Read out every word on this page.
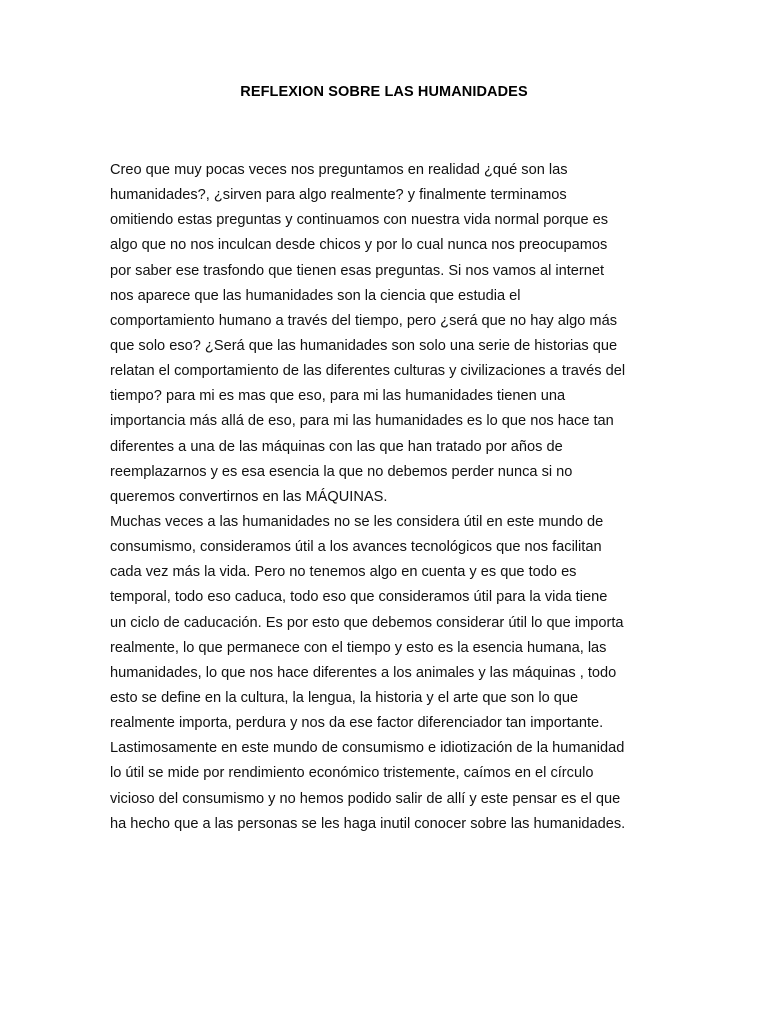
REFLEXION SOBRE LAS HUMANIDADES
Creo que muy pocas veces nos preguntamos en realidad ¿qué son las
humanidades?, ¿sirven para algo realmente? y finalmente terminamos
omitiendo estas preguntas y continuamos con nuestra vida normal porque es
algo que no nos inculcan desde chicos y por lo cual nunca nos preocupamos
por saber ese trasfondo que tienen esas preguntas. Si nos vamos al internet
nos aparece que las humanidades son la ciencia que estudia el
comportamiento humano a través del tiempo, pero ¿será que no hay algo más
que solo eso? ¿Será que las humanidades son solo una serie de historias que
relatan el comportamiento de las diferentes culturas y civilizaciones a través del
tiempo? para mi es mas que eso, para mi las humanidades tienen una
importancia más allá de eso, para mi las humanidades es lo que nos hace tan
diferentes a una de las máquinas con las que han tratado por años de
reemplazarnos y es esa esencia la que no debemos perder nunca si no
queremos convertirnos en las MÁQUINAS.
Muchas veces a las humanidades no se les considera útil en este mundo de
consumismo, consideramos útil a los avances tecnológicos que nos facilitan
cada vez más la vida. Pero no tenemos algo en cuenta y es que todo es
temporal, todo eso caduca, todo eso que consideramos útil para la vida tiene
un ciclo de caducación. Es por esto que debemos considerar útil lo que importa
realmente, lo que permanece con el tiempo y esto es la esencia humana, las
humanidades, lo que nos hace diferentes a los animales y las máquinas , todo
esto se define en la cultura, la lengua, la historia y el arte que son lo que
realmente importa, perdura y nos da ese factor diferenciador tan importante.
Lastimosamente en este mundo de consumismo e idiotización de la humanidad
lo útil se mide por rendimiento económico tristemente, caímos en el círculo
vicioso del consumismo y no hemos podido salir de allí y este pensar es el que
ha hecho que a las personas se les haga inutil conocer sobre las humanidades.
